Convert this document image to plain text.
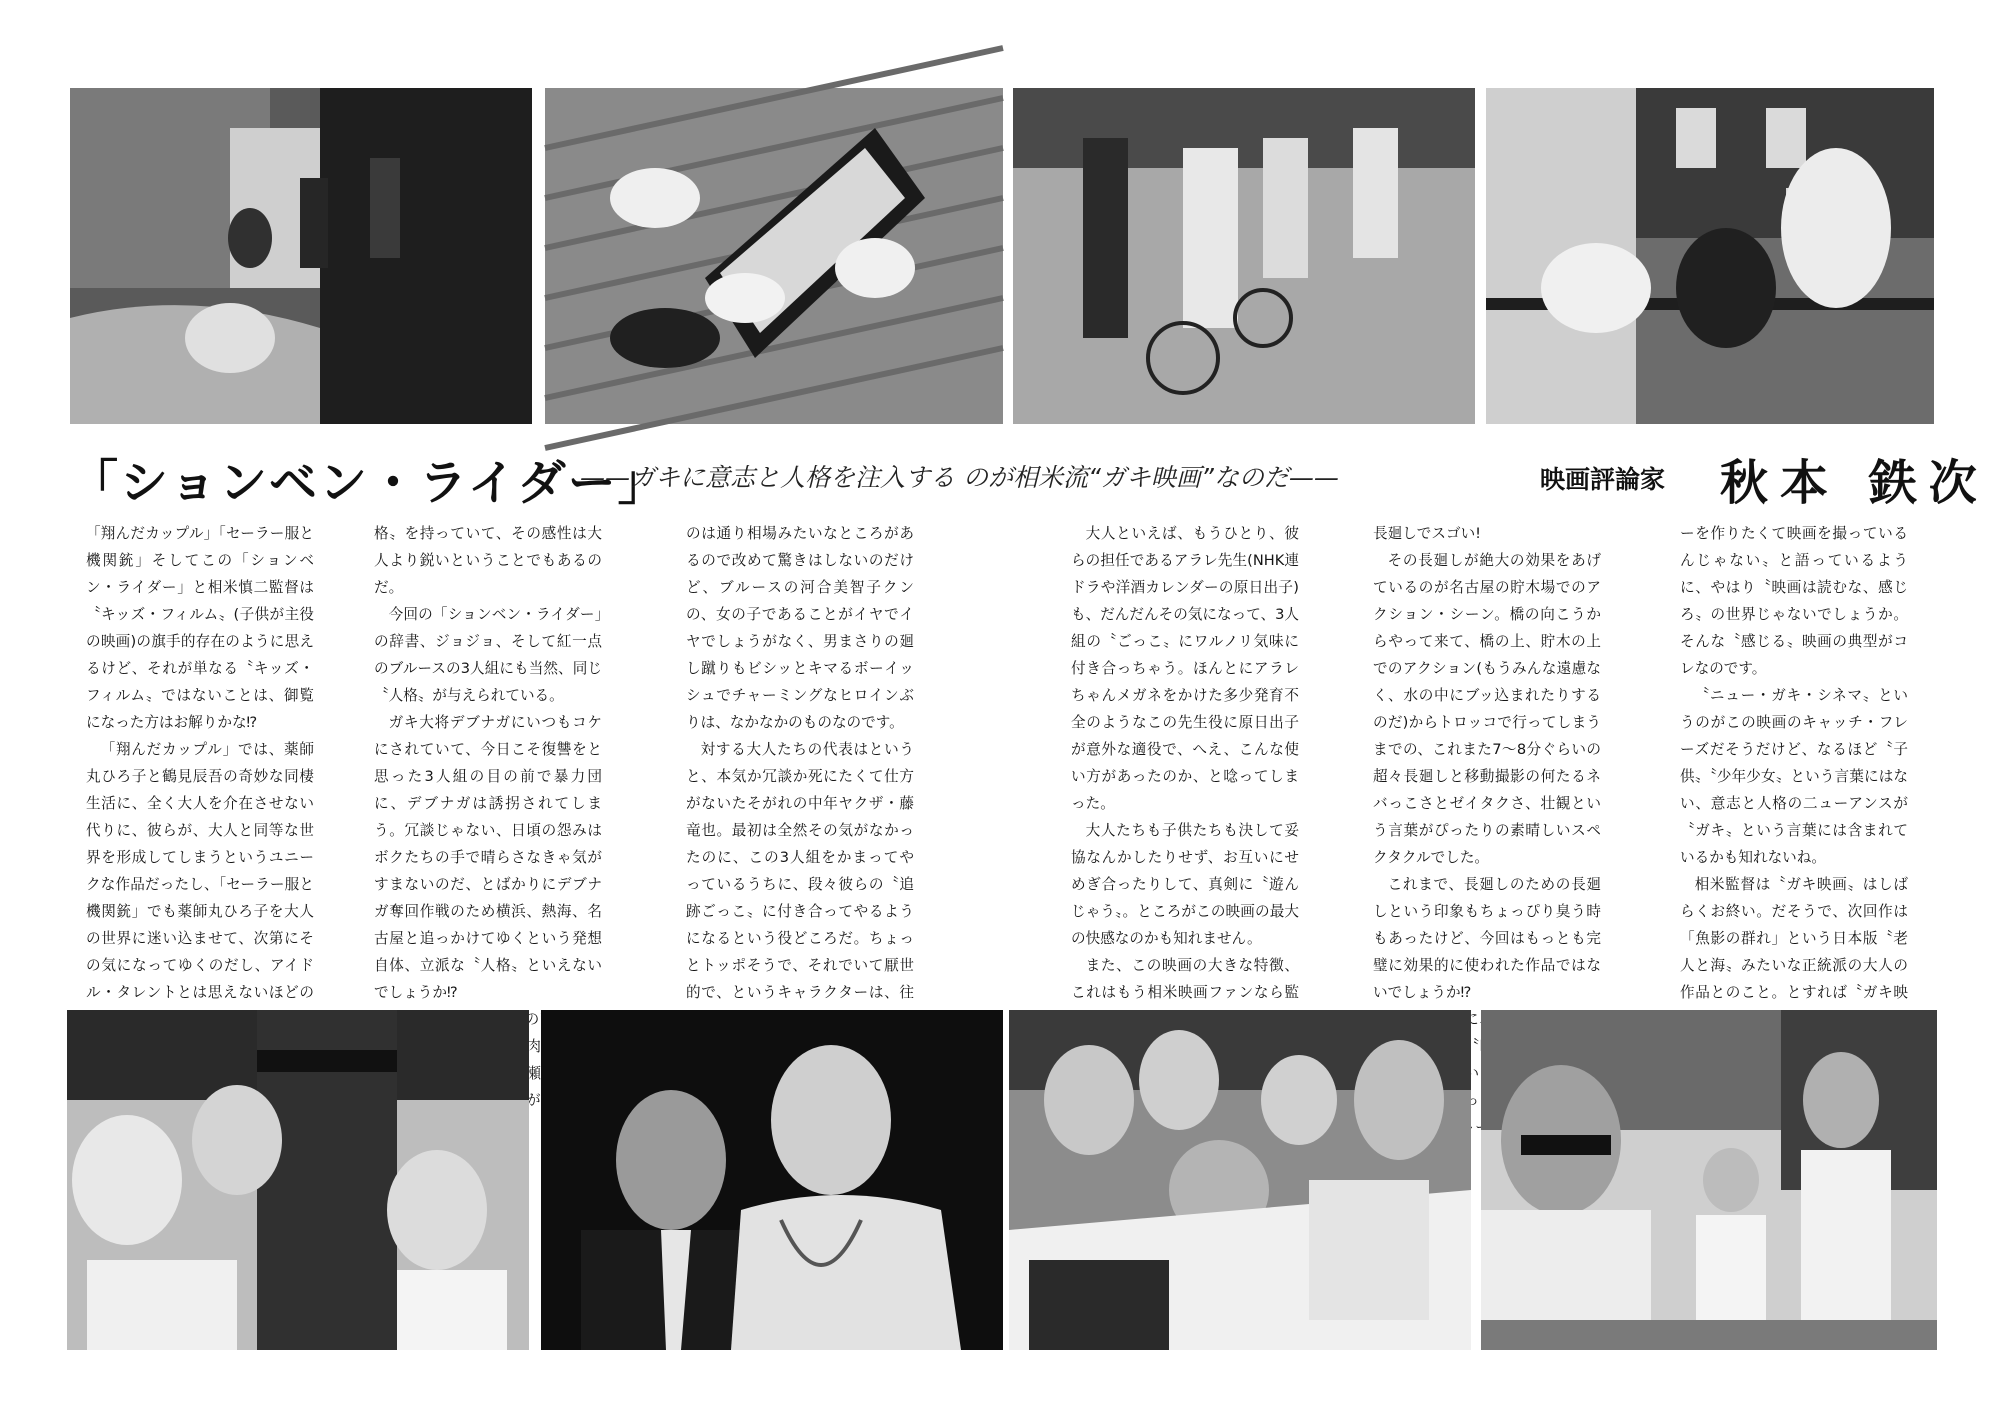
「ションベン・ライダー」
——ガキに意志と人格を注入する のが相米流“ガキ映画”なのだ——	映画評論家 秋本 鉄次

「翔んだカップル」「セーラー服と機関銃」そしてこの「ションベン・ライダー」と相米慎二監督は〝キッズ・フィルム〟(子供が主役の映画)の旗手的存在のように思えるけど、それが単なる〝キッズ・フィルム〟ではないことは、御覧になった方はお解りかな⁉

「翔んだカップル」では、薬師丸ひろ子と鶴見辰吾の奇妙な同棲生活に、全く大人を介在させない代りに、彼らが、大人と同等な世界を形成してしまうというユニークな作品だったし、「セーラー服と機関銃」でも薬師丸ひろ子を大人の世界に迷い込ませて、次第にその気になってゆくのだし、アイドル・タレントとは思えないほどの

格〟を持っていて、その感性は大人より鋭いということでもあるのだ。

今回の「ションベン・ライダー」の辞書、ジョジョ、そして紅一点のブルースの3人組にも当然、同じ〝人格〟が与えられている。

ガキ大将デブナガにいつもコケにされていて、今日こそ復讐をと思った3人組の目の前で暴力団に、デブナガは誘拐されてしまう。冗談じゃない、日頃の怨みはボクたちの手で晴らさなきゃ気がすまないのだ、とばかりにデブナガ奪回作戦のため横浜、熱海、名古屋と追っかけてゆくという発想自体、立派な〝人格〟といえないでしょうか⁉

のは通り相場みたいなところがあるので改めて驚きはしないのだけど、ブルースの河合美智子クンの、女の子であることがイヤでイヤでしょうがなく、男まさりの廻し蹴りもビシッとキマるボーイッシュでチャーミングなヒロインぶりは、なかなかのものなのです。

対する大人たちの代表はというと、本気か冗談か死にたくて仕方がないたそがれの中年ヤクザ・藤竜也。最初は全然その気がなかったのに、この3人組をかまってやっているうちに、段々彼らの〝追跡ごっこ〟に付き合ってやるようになるという役どころだ。ちょっとトッポそうで、それでいて厭世的で、というキャラクターは、往

大人といえば、もうひとり、彼らの担任であるアラレ先生(NHK連ドラや洋酒カレンダーの原日出子)も、だんだんその気になって、3人組の〝ごっこ〟にワルノリ気味に付き合っちゃう。ほんとにアラレちゃんメガネをかけた多少発育不全のようなこの先生役に原日出子が意外な適役で、へえ、こんな使い方があったのか、と唸ってしまった。

大人たちも子供たちも決して妥協なんかしたりせず、お互いにせめぎ合ったりして、真剣に〝遊んじゃう〟。ところがこの映画の最大の快感なのかも知れません。

また、この映画の大きな特徴、これはもう相米映画ファンなら監

長廻しでスゴい!

その長廻しが絶大の効果をあげているのが名古屋の貯木場でのアクション・シーン。橋の向こうからやって来て、橋の上、貯木の上でのアクション(もうみんな遠慮なく、水の中にブッ込まれたりするのだ)からトロッコで行ってしまうまでの、これまた7〜8分ぐらいの超々長廻しと移動撮影の何たるネバっこさとゼイタクさ、壮観という言葉がぴったりの素晴しいスペクタクルでした。

これまで、長廻しのための長廻しという印象もちょっぴり臭う時もあったけど、今回はもっとも完璧に効果的に使われた作品ではないでしょうか⁉

ーを作りたくて映画を撮っているんじゃない〟と語っているように、やはり〝映画は読むな、感じろ〟の世界じゃないでしょうか。そんな〝感じる〟映画の典型がコレなのです。

〝ニュー・ガキ・シネマ〟というのがこの映画のキャッチ・フレーズだそうだけど、なるほど〝子供〟〝少年少女〟という言葉にはない、意志と人格の二ューアンスが〝ガキ〟という言葉には含まれているかも知れないね。

相米監督は〝ガキ映画〟はしばらくお終い。だそうで、次回作は「魚影の群れ」という日本版〝老人と海〟みたいな正統派の大人の作品とのこと。とすれば〝ガキ映
